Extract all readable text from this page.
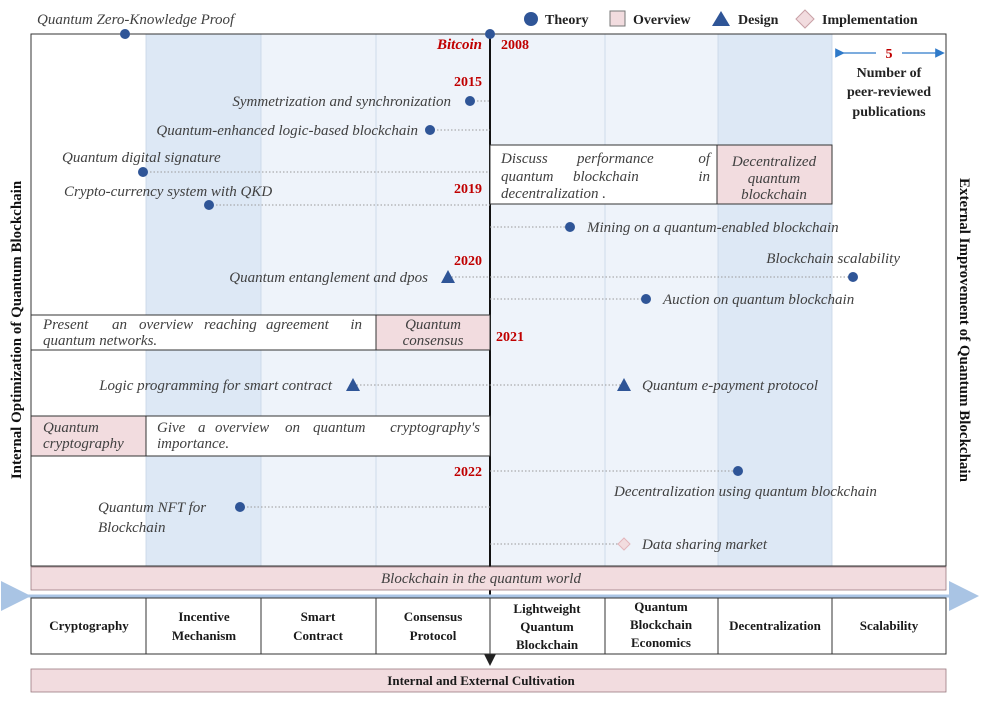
Theory	Overview	Design	Implementation
Quantum Zero-Knowledge Proof
Bitcoin 2008
2015
2019
2020
2021
2022
5
Number of
peer-reviewed
publications
Symmetrization and synchronization
Quantum-enhanced logic-based blockchain
Quantum digital signature
Crypto-currency system with QKD
Mining on a quantum-enabled blockchain
Blockchain scalability
Quantum entanglement and dpos
Auction on quantum blockchain
Logic programming for smart contract	Quantum e-payment protocol
Decentralization using quantum blockchain
Quantum NFT for
Blockchain
Data sharing market
Discuss performance	of
quantum blockchain	in
decentralization .
Decentralized
quantum
blockchain
Present an overview reaching agreement in
quantum networks.
Quantum
consensus
Quantum
cryptography
Give a overview on quantum cryptography's
importance.
Blockchain in the quantum world
Cryptography
Incentive
Mechanism
Smart
Contract
Consensus
Protocol
Lightweight
Quantum
Blockchain
Quantum
Blockchain
Economics
Decentralization	Scalability
Internal and External Cultivation
Internal Optimization of Quantum Blockchain	External Improvement of Quantum Blockchain
